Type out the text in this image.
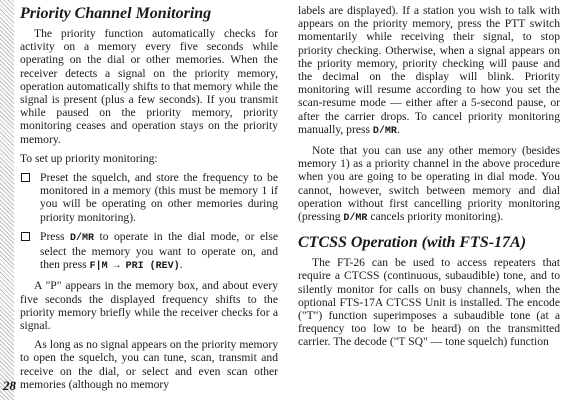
28
Priority Channel Monitoring

The priority function automatically checks for activity on a memory every five seconds while operating on the dial or other memories. When the receiver detects a signal on the priority memory, operation automatically shifts to that memory while the signal is present (plus a few seconds). If you transmit while paused on the priority memory, priority monitoring ceases and operation stays on the priority memory.

To set up priority monitoring:

Preset the squelch, and store the frequency to be monitored in a memory (this must be memory 1 if you will be operating on other memories during priority monitoring).
Press D/MR to operate in the dial mode, or else select the memory you want to operate on, and then press F|M → PRI (REV).

A "P" appears in the memory box, and about every five seconds the displayed frequency shifts to the priority memory briefly while the receiver checks for a signal.

As long as no signal appears on the priority memory to open the squelch, you can tune, scan, transmit and receive on the dial, or select and even scan other memories (although no memory

labels are displayed). If a station you wish to talk with appears on the priority memory, press the PTT switch momentarily while receiving their signal, to stop priority checking. Otherwise, when a signal appears on the priority memory, priority checking will pause and the decimal on the display will blink. Priority monitoring will resume according to how you set the scan-resume mode — either after a 5-second pause, or after the carrier drops. To cancel priority monitoring manually, press D/MR.

Note that you can use any other memory (besides memory 1) as a priority channel in the above procedure when you are going to be operating in dial mode. You cannot, however, switch between memory and dial operation without first cancelling priority monitoring (pressing D/MR cancels priority monitoring).

CTCSS Operation (with FTS-17A)

The FT-26 can be used to access repeaters that require a CTCSS (continuous, subaudible) tone, and to silently monitor for calls on busy channels, when the optional FTS-17A CTCSS Unit is installed. The encode ("T") function superimposes a subaudible tone (at a frequency too low to be heard) on the transmitted carrier. The decode ("T SQ" — tone squelch) function
